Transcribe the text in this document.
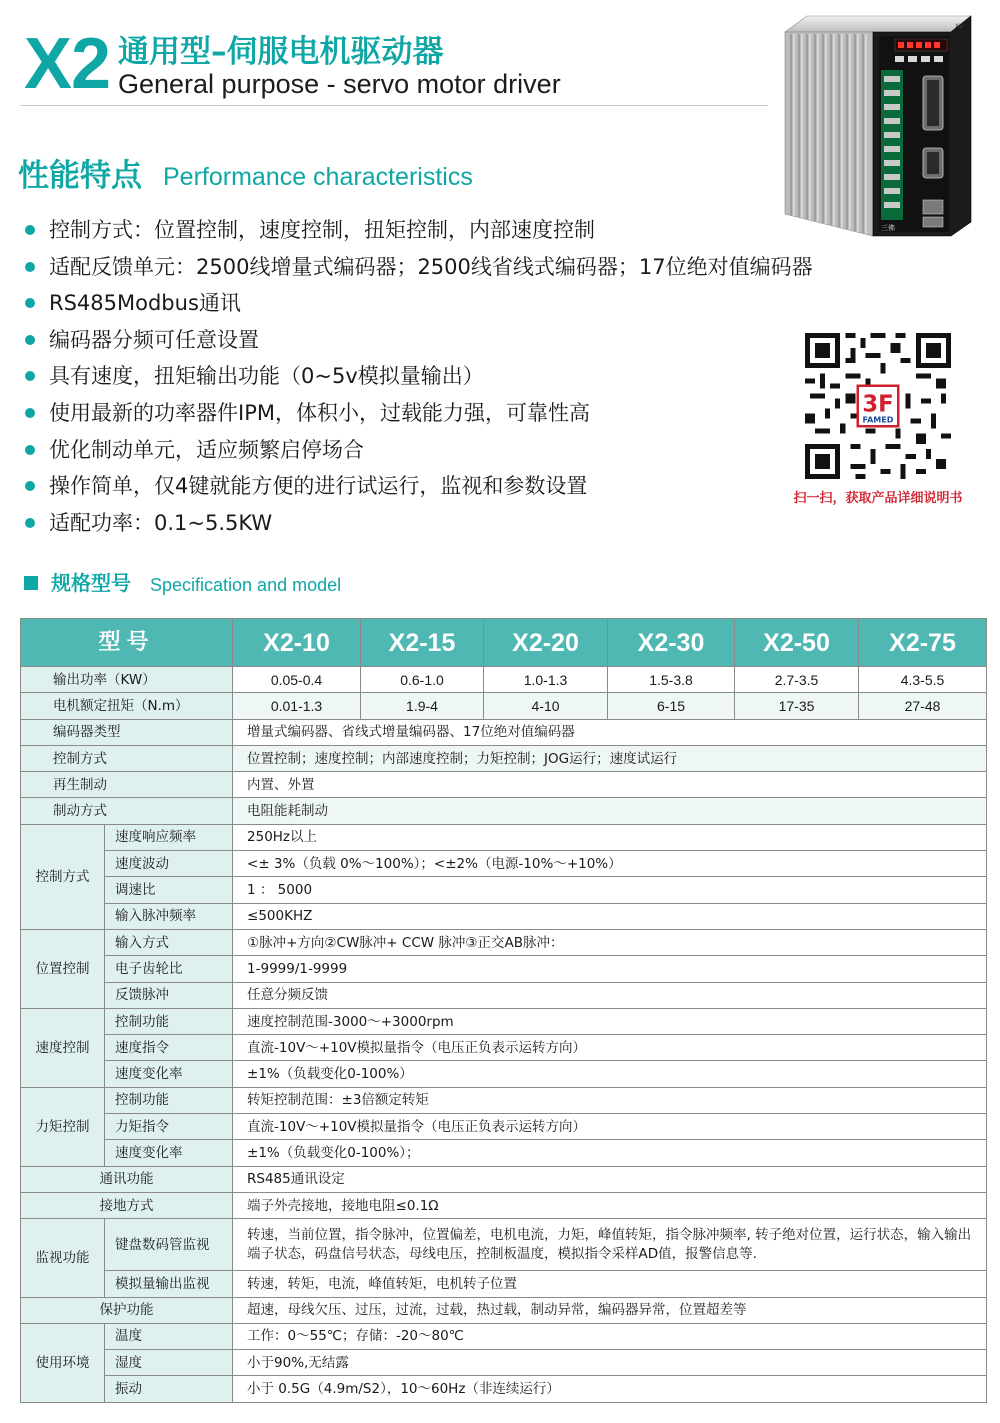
X2 通用型–伺服电机驱动器
General purpose - servo motor driver
三佛
X2
性能特点 Performance characteristics
控制方式：位置控制，速度控制，扭矩控制，内部速度控制
适配反馈单元：2500线增量式编码器；2500线省线式编码器；17位绝对值编码器
RS485Modbus通讯
编码器分频可任意设置
具有速度，扭矩输出功能（0~5v模拟量输出）
使用最新的功率器件IPM，体积小，过载能力强，可靠性高
优化制动单元，适应频繁启停场合
操作简单，仅4键就能方便的进行试运行，监视和参数设置
适配功率：0.1~5.5KW
3F
FAMED
扫一扫，获取产品详细说明书
规格型号 Specification and model
型号		X2-10	X2-15	X2-20	X2-30	X2-50	X2-75
输出功率（KW）		0.05-0.4	0.6-1.0	1.0-1.3	1.5-3.8	2.7-3.5	4.3-5.5
电机额定扭矩（N.m）		0.01-1.3	1.9-4	4-10	6-15	17-35	27-48
编码器类型		增量式编码器、省线式增量编码器、17位绝对值编码器					
控制方式		位置控制；速度控制；内部速度控制；力矩控制；JOG运行；速度试运行					
再生制动		内置、外置					
制动方式		电阻能耗制动					
控制方式	速度响应频率	250Hz以上					
	速度波动	<± 3%（负载 0%～100%）；<±2%（电源-10%～+10%）					
	调速比	1 ： 5000					
	输入脉冲频率	≤500KHZ					
位置控制	输入方式	①脉冲+方向②CW脉冲+ CCW 脉冲③正交AB脉冲：					
	电子齿轮比	1-9999/1-9999					
	反馈脉冲	任意分频反馈					
速度控制	控制功能	速度控制范围-3000～+3000rpm					
	速度指令	直流-10V～+10V模拟量指令（电压正负表示运转方向）					
	速度变化率	±1%（负载变化0-100%）					
力矩控制	控制功能	转矩控制范围：±3倍额定转矩					
	力矩指令	直流-10V～+10V模拟量指令（电压正负表示运转方向）					
	速度变化率	±1%（负载变化0-100%）；					
通讯功能		RS485通讯设定					
接地方式		端子外壳接地，接地电阻≤0.1Ω					
监视功能	键盘数码管监视	转速，当前位置，指令脉冲，位置偏差，电机电流，力矩，峰值转矩，指令脉冲频率, 转子绝对位置，运行状态，输入输出端子状态，码盘信号状态，母线电压，控制板温度，模拟指令采样AD值，报警信息等.					
	模拟量输出监视	转速，转矩，电流，峰值转矩，电机转子位置					
保护功能		超速，母线欠压、过压，过流，过载，热过载，制动异常，编码器异常，位置超差等					
使用环境	温度	工作：0～55℃；存储：-20～80℃					
	湿度	小于90%,无结露					
	振动	小于 0.5G（4.9m/S2），10～60Hz（非连续运行）					
